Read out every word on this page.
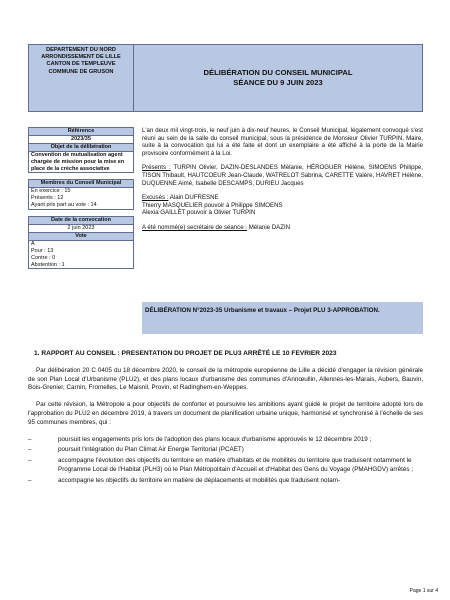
DEPARTEMENT DU NORD
ARRONDISSEMENT DE LILLE
CANTON DE TEMPLEUVE
COMMUNE DE GRUSON	DÉLIBÉRATION DU CONSEIL MUNICIPAL
SÉANCE DU 9 JUIN 2023
Référence
2023/35
Objet de la délibération
Convention de mutualisation agent chargée de mission pour la mise en place de la crèche associative
Membres du Conseil Municipal
En exercice : 15
Présents : 12
Ayant pris part au vote : 14
Date de la convocation
2 juin 2023
Vote
A
Pour : 13
Contre : 0
Abstention : 1

L'an deux mil vingt-trois, le neuf juin à dix-neuf heures, le Conseil Municipal, légalement convoqué s'est réuni au sein de la salle du conseil municipal, sous la présidence de Monsieur Olivier TURPIN, Maire, suite à la convocation qui lui a été faite et dont un exemplaire a été affiché à la porte de la Mairie provisoire conformément à la Loi.

Présents : TURPIN Olivier, DAZIN-DESLANDES Mélanie, HÉROGUER Hélène, SIMOENS Philippe, TISON Thibault, HAUTCOEUR Jean-Claude, WATRELOT Sabrina, CARETTE Valère, HAVRET Hélène, DUQUENNE Aimé, Isabelle DESCAMPS, DURIEU Jacques

Excusés : Alain DUFRESNE

Thierry MASQUELIER pouvoir à Philippe SIMOENS

Alexia GAILLET pouvoir à Olivier TURPIN

A été nommé(e) secrétaire de séance : Mélanie DAZIN

DÉLIBÉRATION N°2023-35 Urbanisme et travaux – Projet PLU 3-APPROBATION.
1. RAPPORT AU CONSEIL : PRESENTATION DU PROJET DE PLU3 ARRÊTÉ LE 10 FEVRIER 2023

Par délibération 20 C 0405 du 18 décembre 2020, le conseil de la métropole européenne de Lille a décidé d'engager la révision générale de son Plan Local d'Urbanisme (PLU2), et des plans locaux d'urbanisme des communes d'Annœullin, Allennes-les-Marais, Aubers, Bauvin, Bois-Grenier, Carnin, Fromelles, Le Maisnil, Provin, et Radinghem-en-Weppes.

Par cette révision, la Métropole a pour objectifs de conforter et poursuivre les ambitions ayant guidé le projet de territoire adopté lors de l'approbation du PLU2 en décembre 2019, à travers un document de planification urbaine unique, harmonisé et synchronisé à l'échelle de ses 95 communes membres, qui :

–	poursuit les engagements pris lors de l'adoption des plans locaux d'urbanisme approuvés le 12 décembre 2019 ;
–	poursuit l'intégration du Plan Climat Air Energie Territorial (PCAET)
–	accompagne l'évolution des objectifs du territoire en matière d'habitats et de mobilités du territoire que traduisent notamment le Programme Local de l'Habitat (PLH3) où le Plan Métropolitain d'Accueil et d'Habitat des Gens du Voyage (PMAHGDV) arrêtés ;
–	accompagne les objectifs du territoire en matière de déplacements et mobilités que traduisent notam-
Page 1 sur 4
